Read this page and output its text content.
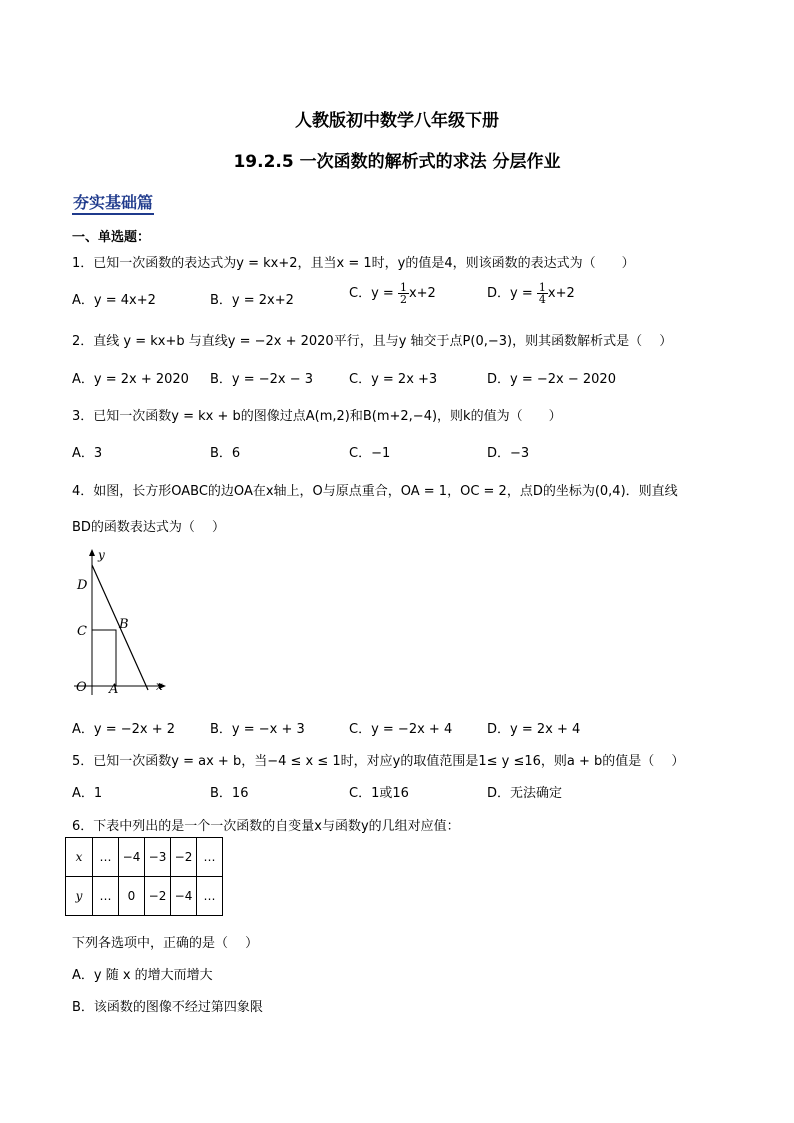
人教版初中数学八年级下册
19.2.5 一次函数的解析式的求法 分层作业
夯实基础篇
一、单选题：
1．已知一次函数的表达式为y = kx+2，且当x = 1时，y的值是4，则该函数的表达式为（　　）
A．y = 4x+2	B．y = 2x+2	C．$y = \frac{1}{2} x+2$	D．$y = \frac{1}{4} x+2$
2．直线 y = kx+b 与直线y = −2x + 2020平行，且与y 轴交于点P(0,−3)，则其函数解析式是（　 ）
A．y = 2x + 2020 B．y = −2x − 3	C．y = 2x +3	D．y = −2x − 2020
3．已知一次函数y = kx + b的图像过点A(m,2)和B(m+2,−4)，则k的值为（　　）
A．3	B．6	C．−1	D．−3
4．如图，长方形OABC的边OA在x轴上，O与原点重合，OA = 1，OC = 2，点D的坐标为(0,4)．则直线
BD的函数表达式为（　 ）
y
x
D
C B
O A
A．y = −2x + 2	B．y = −x + 3	C．y = −2x + 4	D．y = 2x + 4
5．已知一次函数y = ax + b，当−4 ≤ x ≤ 1时，对应y的取值范围是1≤ y ≤16，则a + b的值是（　 ）
A．1	B．16	C．1或16	D．无法确定
6．下表中列出的是一个一次函数的自变量x与函数y的几组对应值：
x	…	−4	−3	−2	…
y	…	0	−2	−4	…
下列各选项中，正确的是（　 ）
A．y 随 x 的增大而增大
B．该函数的图像不经过第四象限
